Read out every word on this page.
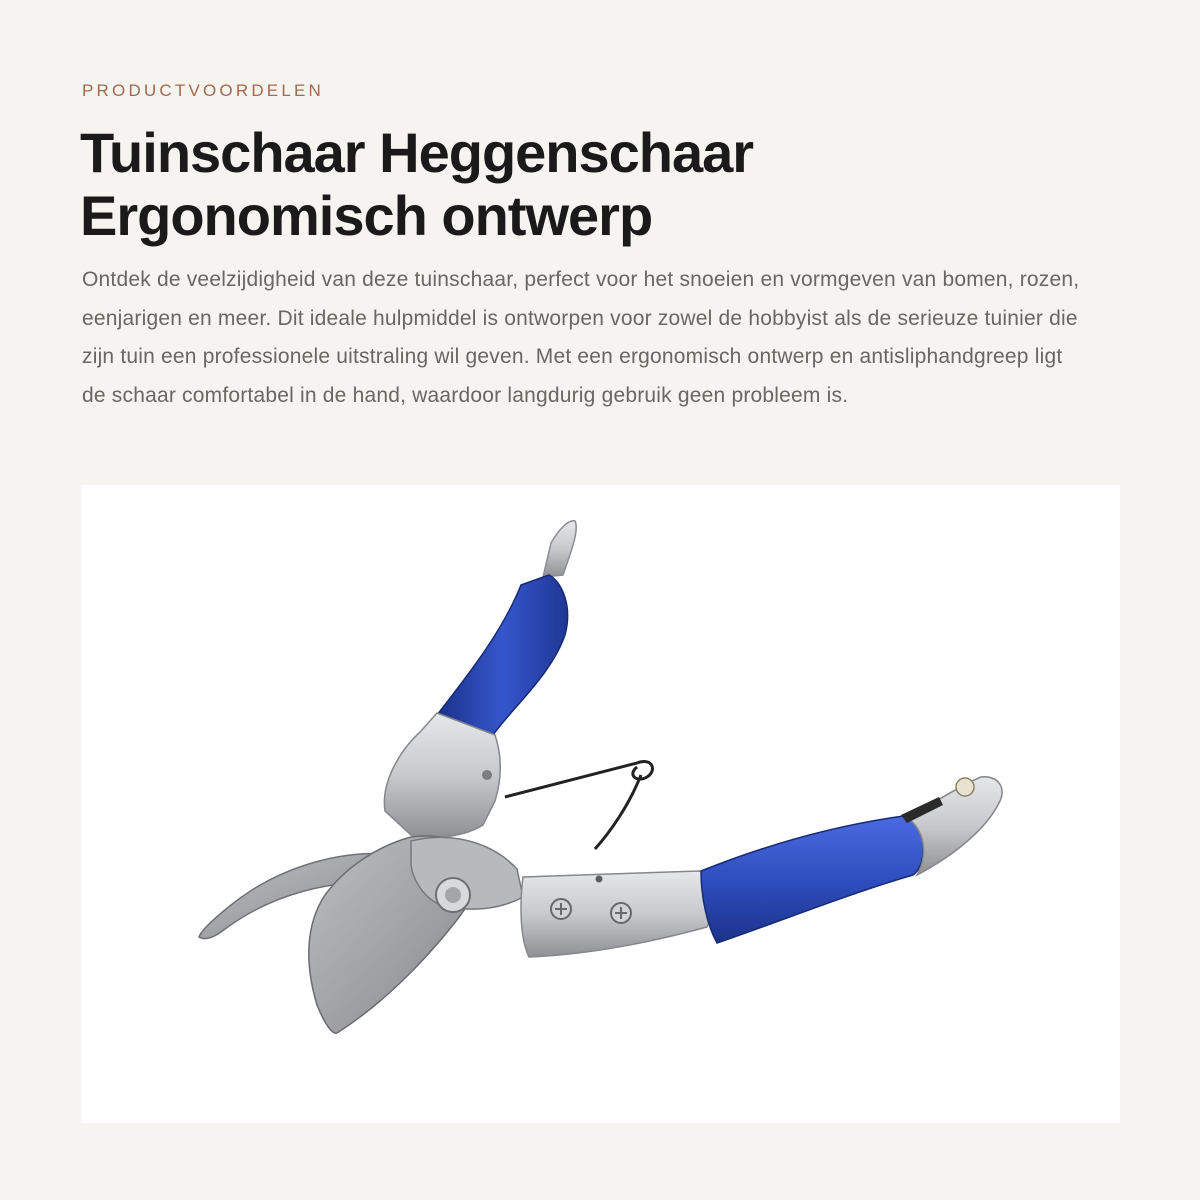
PRODUCTVOORDELEN
Tuinschaar Heggenschaar
Ergonomisch ontwerp

Ontdek de veelzijdigheid van deze tuinschaar, perfect voor het snoeien en vormgeven van bomen, rozen, eenjarigen en meer. Dit ideale hulpmiddel is ontworpen voor zowel de hobbyist als de serieuze tuinier die zijn tuin een professionele uitstraling wil geven. Met een ergonomisch ontwerp en antisliphandgreep ligt de schaar comfortabel in de hand, waardoor langdurig gebruik geen probleem is.
